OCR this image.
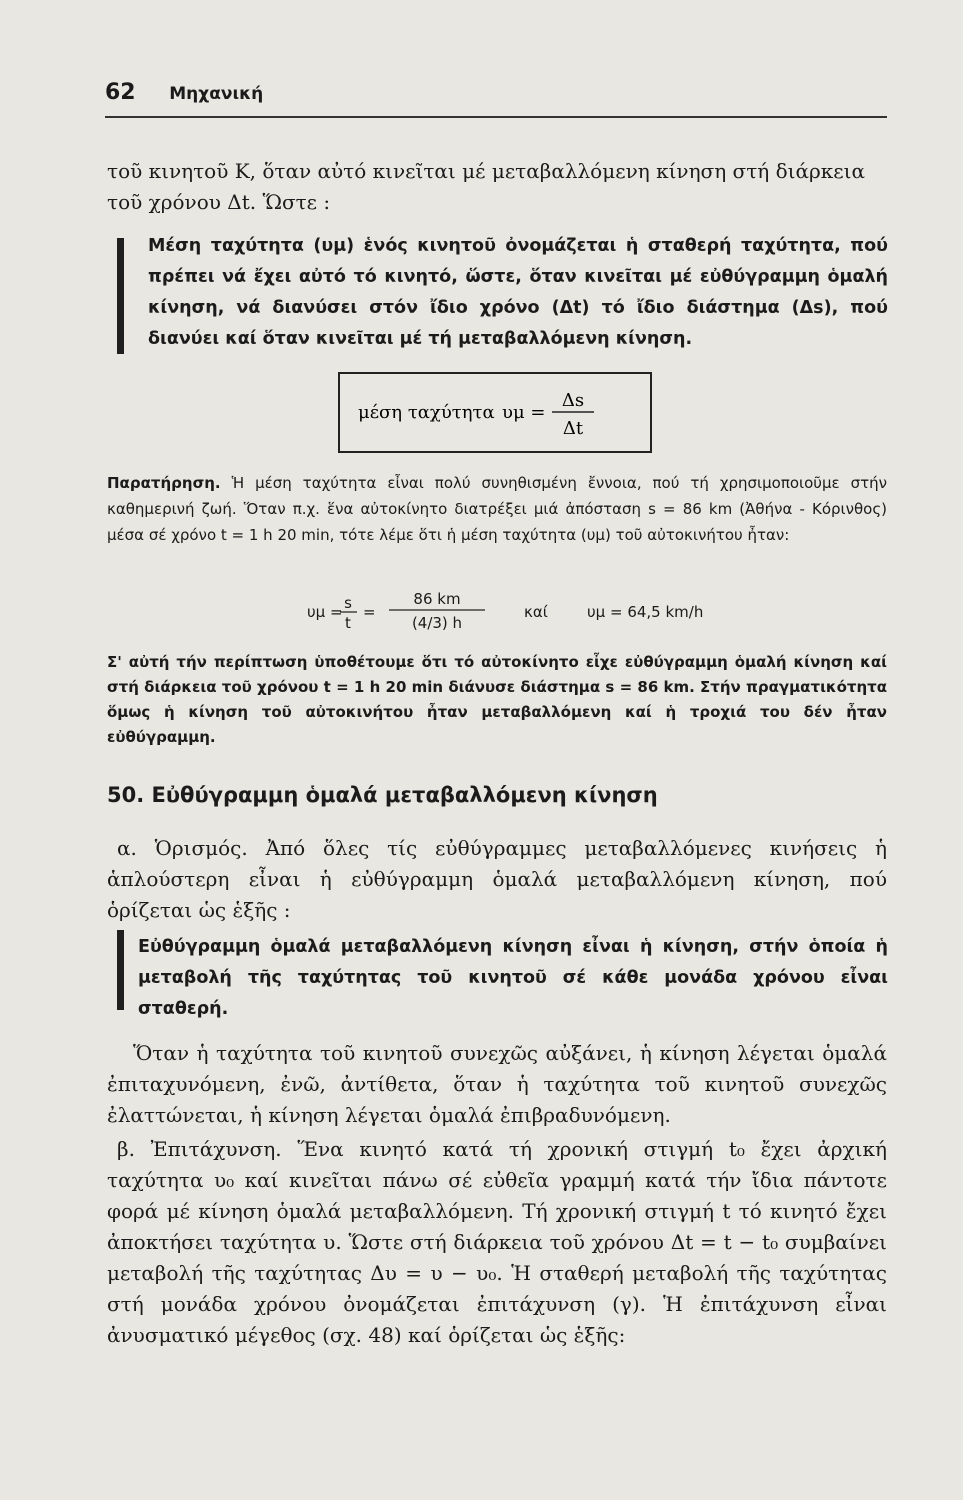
62 Μηχανική
τοῦ κινητοῦ Κ, ὅταν αὐτό κινεῖται μέ μεταβαλλόμενη κίνηση στή διάρκεια
τοῦ χρόνου Δt. Ὥστε :
Μέση ταχύτητα (υμ) ἑνός κινητοῦ ὀνομάζεται ἡ σταθερή ταχύτητα, πού πρέπει νά ἔχει αὐτό τό κινητό, ὥστε, ὅταν κινεῖται μέ εὐθύγραμμη ὁμαλή κίνηση, νά διανύσει στόν ἴδιο χρόνο (Δt) τό ἴδιο διάστημα (Δs), πού διανύει καί ὅταν κινεῖται μέ τή μεταβαλλόμενη κίνηση.
μέση ταχύτητα υμ =
Δs
Δt
Παρατήρηση. Ἡ μέση ταχύτητα εἶναι πολύ συνηθισμένη ἔννοια, πού τή χρησιμοποιοῦμε στήν καθημερινή ζωή. Ὅταν π.χ. ἕνα αὐτοκίνητο διατρέξει μιά ἀπόσταση s = 86 km (Ἀθήνα - Κόρινθος) μέσα σέ χρόνο t = 1 h 20 min, τότε λέμε ὅτι ἡ μέση ταχύτητα (υμ) τοῦ αὐτοκινήτου ἦταν:
υμ = s
t
=
86 km
(4/3) h
καί	υμ = 64,5 km/h
Σ' αὐτή τήν περίπτωση ὑποθέτουμε ὅτι τό αὐτοκίνητο εἶχε εὐθύγραμμη ὁμαλή κίνηση καί στή διάρκεια τοῦ χρόνου t = 1 h 20 min διάνυσε διάστημα s = 86 km. Στήν πραγματικότητα ὅμως ἡ κίνηση τοῦ αὐτοκινήτου ἦταν μεταβαλλόμενη καί ἡ τροχιά του δέν ἦταν εὐθύγραμμη.
50. Εὐθύγραμμη ὁμαλά μεταβαλλόμενη κίνηση
α. Ὁρισμός. Ἀπό ὅλες τίς εὐθύγραμμες μεταβαλλόμενες κινήσεις ἡ ἁπλούστερη εἶναι ἡ εὐθύγραμμη ὁμαλά μεταβαλλόμενη κίνηση, πού ὁρίζεται ὡς ἑξῆς :
Εὐθύγραμμη ὁμαλά μεταβαλλόμενη κίνηση εἶναι ἡ κίνηση, στήν ὁποία ἡ μεταβολή τῆς ταχύτητας τοῦ κινητοῦ σέ κάθε μονάδα χρόνου εἶναι σταθερή.
Ὅταν ἡ ταχύτητα τοῦ κινητοῦ συνεχῶς αὐξάνει, ἡ κίνηση λέγεται ὁμαλά ἐπιταχυνόμενη, ἐνῶ, ἀντίθετα, ὅταν ἡ ταχύτητα τοῦ κινητοῦ συνεχῶς ἐλαττώνεται, ἡ κίνηση λέγεται ὁμαλά ἐπιβραδυνόμενη.
β. Ἐπιτάχυνση. Ἕνα κινητό κατά τή χρονική στιγμή t₀ ἔχει ἀρχική ταχύτητα υ₀ καί κινεῖται πάνω σέ εὐθεῖα γραμμή κατά τήν ἴδια πάντοτε φορά μέ κίνηση ὁμαλά μεταβαλλόμενη. Τή χρονική στιγμή t τό κινητό ἔχει ἀποκτήσει ταχύτητα υ. Ὥστε στή διάρκεια τοῦ χρόνου Δt = t − t₀ συμβαίνει μεταβολή τῆς ταχύτητας Δυ = υ − υ₀. Ἡ σταθερή μεταβολή τῆς ταχύτητας στή μονάδα χρόνου ὀνομάζεται ἐπιτάχυνση (γ). Ἡ ἐπιτάχυνση εἶναι ἀνυσματικό μέγεθος (σχ. 48) καί ὁρίζεται ὡς ἑξῆς:
